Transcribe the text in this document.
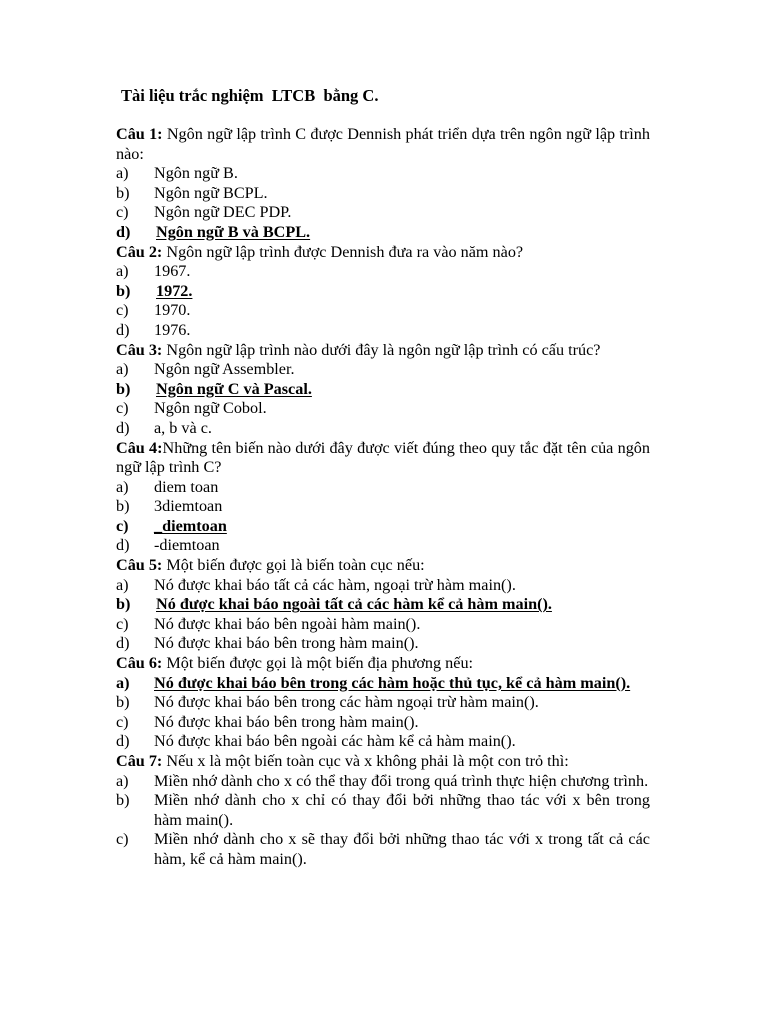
Tài liệu trắc nghiệm  LTCB  bằng C.
Câu 1: Ngôn ngữ lập trình C được Dennish phát triển dựa trên ngôn ngữ lập trình nào:
a)	Ngôn ngữ B.
b)	Ngôn ngữ BCPL.
c)	Ngôn ngữ DEC PDP.
d)	Ngôn ngữ B và BCPL.
Câu 2: Ngôn ngữ lập trình được Dennish đưa ra vào năm nào?
a)	1967.
b)	1972.
c)	1970.
d)	1976.
Câu 3: Ngôn ngữ lập trình nào dưới đây là ngôn ngữ lập trình có cấu trúc?
a)	Ngôn ngữ Assembler.
b)	Ngôn ngữ C và Pascal.
c)	Ngôn ngữ Cobol.
d)	a, b và c.
Câu 4:Những tên biến nào dưới đây được viết đúng theo quy tắc đặt tên của ngôn ngữ lập trình C?
a)	diem toan
b)	3diemtoan
c)	_diemtoan
d)	-diemtoan
Câu 5: Một biến được gọi là biến toàn cục nếu:
a)	Nó được khai báo tất cả các hàm, ngoại trừ hàm main().
b)	Nó được khai báo ngoài tất cả các hàm kể cả hàm main().
c)	Nó được khai báo bên ngoài hàm main().
d)	Nó được khai báo bên trong hàm main().
Câu 6: Một biến được gọi là một biến địa phương nếu:
a)	Nó được khai báo bên trong các hàm hoặc thủ tục, kể cả hàm main().
b)	Nó được khai báo bên trong các hàm ngoại trừ hàm main().
c)	Nó được khai báo bên trong hàm main().
d)	Nó được khai báo bên ngoài các hàm kể cả hàm main().
Câu 7: Nếu x là một biến toàn cục và x không phải là một con trỏ thì:
a)	Miền nhớ dành cho x có thể thay đổi trong quá trình thực hiện chương trình.
b)	Miền nhớ dành cho x chỉ có thay đổi bởi những thao tác với x bên trong hàm main().
c)	Miền nhớ dành cho x sẽ thay đổi bởi những thao tác với x trong tất cả các hàm, kể cả hàm main().
